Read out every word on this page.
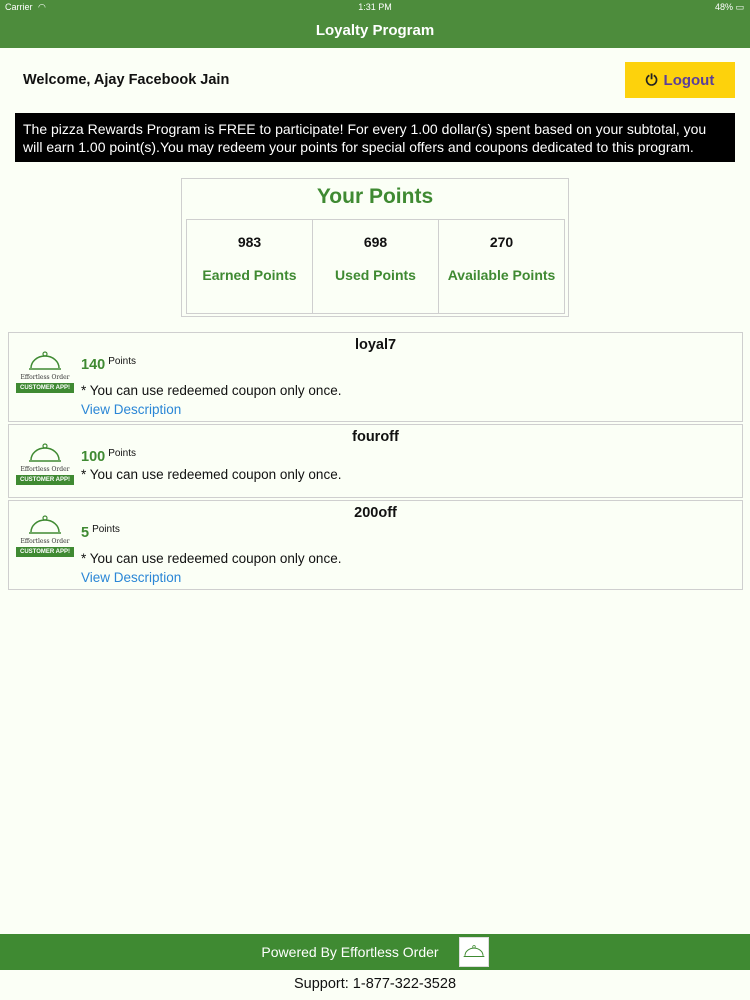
Carrier ◠	1:31 PM	48% ▭
Loyalty Program
Welcome, Ajay Facebook Jain	⏻ Logout
The pizza Rewards Program is FREE to participate! For every 1.00 dollar(s) spent based on your subtotal, you will earn 1.00 point(s).You may redeem your points for special offers and coupons dedicated to this program.
Your Points
983
Earned Points
698
Used Points
270
Available Points
loyal7
Effortless Order
CUSTOMER APP!
140 $^{Points}$
* You can use redeemed coupon only once.
View Description
fouroff
Effortless Order
CUSTOMER APP!
100 $^{Points}$
* You can use redeemed coupon only once.
200off
Effortless Order
CUSTOMER APP!
5 $^{Points}$
* You can use redeemed coupon only once.
View Description
Powered By Effortless Order
Support: 1-877-322-3528
